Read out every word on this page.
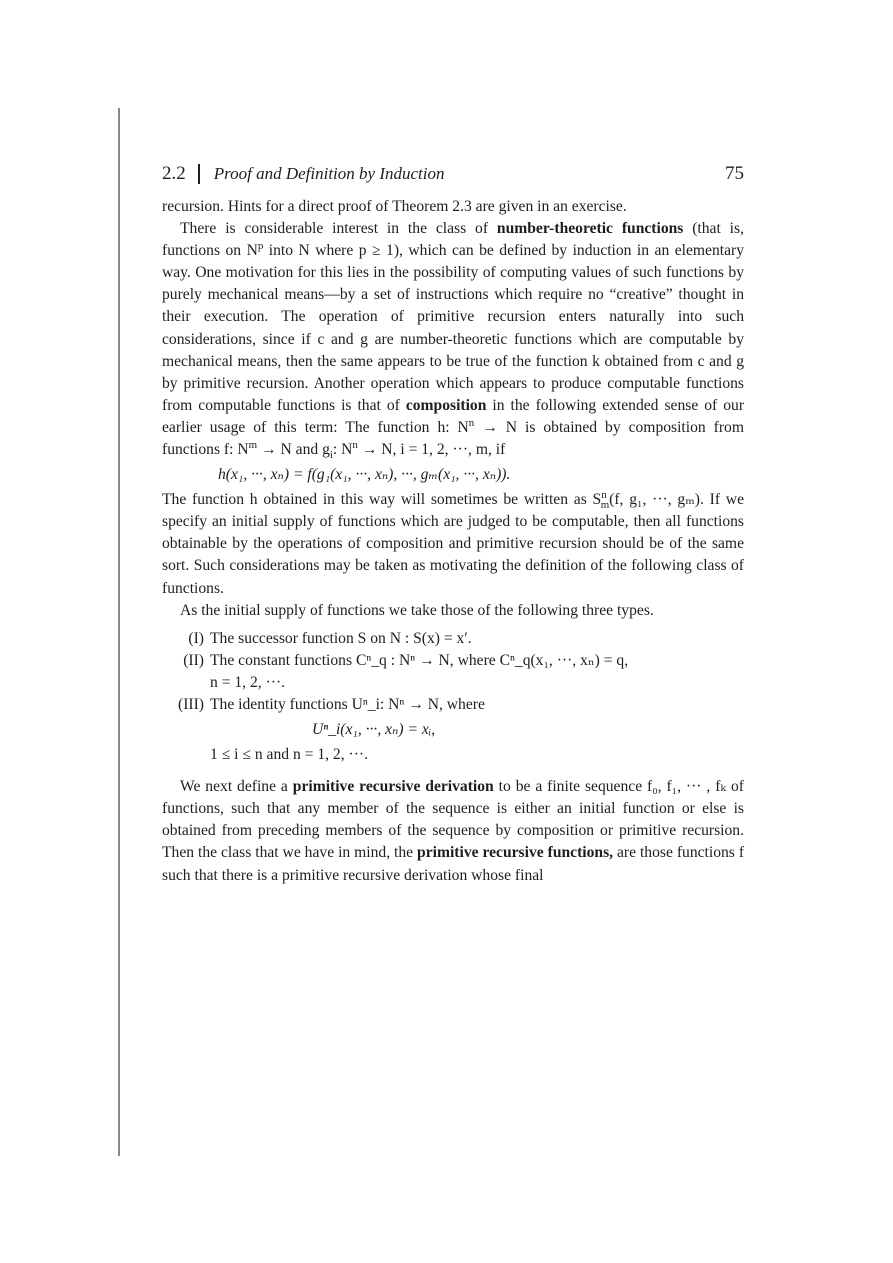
2.2 Proof and Definition by Induction	75

recursion. Hints for a direct proof of Theorem 2.3 are given in an exercise.

There is considerable interest in the class of number-theoretic functions (that is, functions on $N^p$ into N where p ≥ 1), which can be defined by induction in an elementary way. One motivation for this lies in the possibility of computing values of such functions by purely mechanical means—by a set of instructions which require no “creative” thought in their execution. The operation of primitive recursion enters naturally into such considerations, since if c and g are number-theoretic functions which are computable by mechanical means, then the same appears to be true of the function k obtained from c and g by primitive recursion. Another operation which appears to produce computable functions from computable functions is that of composition in the following extended sense of our earlier usage of this term: The function h: $N^n \to N$ is obtained by composition from functions f: $N^m \to N$ and $g_i$: $N^n \to N$, i = 1, 2, ···, m, if

h(x₁, ···, xₙ) = f(g₁(x₁, ···, xₙ), ···, gₘ(x₁, ···, xₙ)).

The function h obtained in this way will sometimes be written as $S^n_m(f$, g₁, ···, gₘ). If we specify an initial supply of functions which are judged to be computable, then all functions obtainable by the operations of composition and primitive recursion should be of the same sort. Such considerations may be taken as motivating the definition of the following class of functions.

As the initial supply of functions we take those of the following three types.

(I) The successor function S on N : S(x) = x′.
(II) The constant functions Cⁿ_q : Nⁿ → N, where Cⁿ_q(x₁, ···, xₙ) = q,
n = 1, 2, ···.
(III) The identity functions Uⁿ_i: Nⁿ → N, where
Uⁿ_i(x₁, ···, xₙ) = xᵢ,
1 ≤ i ≤ n and n = 1, 2, ···.

We next define a primitive recursive derivation to be a finite sequence f₀, f₁, ··· , fₖ of functions, such that any member of the sequence is either an initial function or else is obtained from preceding members of the sequence by composition or primitive recursion. Then the class that we have in mind, the primitive recursive functions, are those functions f such that there is a primitive recursive derivation whose final
